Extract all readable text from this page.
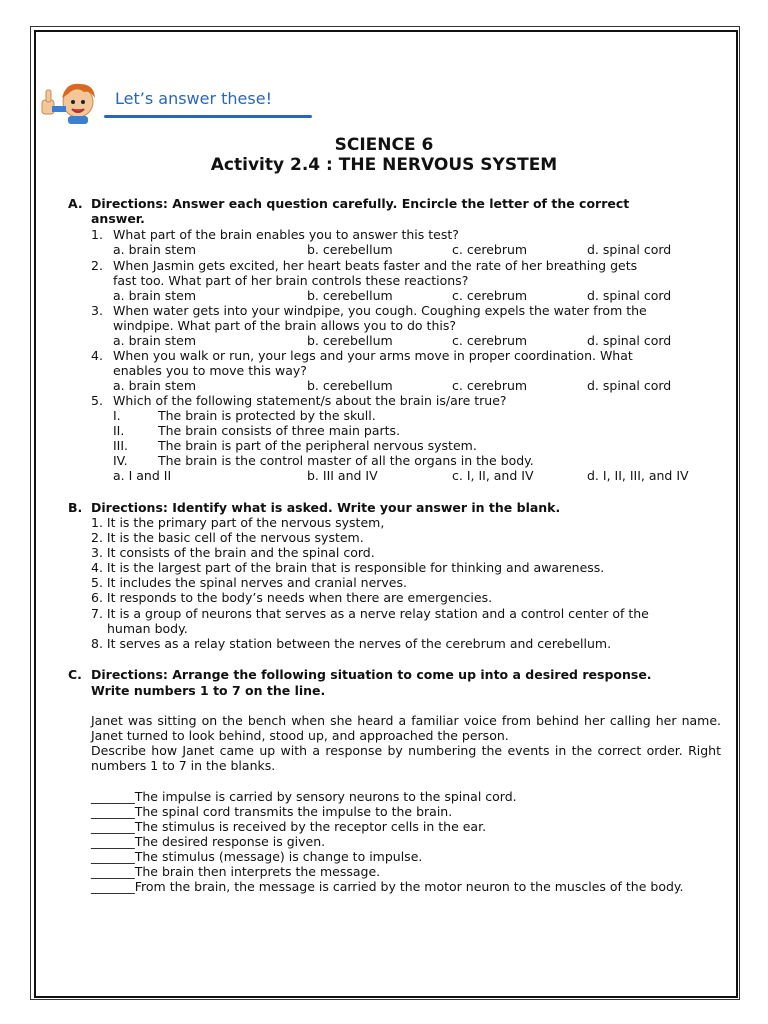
Let’s answer these!
SCIENCE 6
Activity 2.4 : THE NERVOUS SYSTEM
A. Directions: Answer each question carefully. Encircle the letter of the correct
answer.
1. What part of the brain enables you to answer this test?
a. brain stem	b. cerebellum	c. cerebrum	d. spinal cord
2. When Jasmin gets excited, her heart beats faster and the rate of her breathing gets
fast too. What part of her brain controls these reactions?
a. brain stem	b. cerebellum	c. cerebrum	d. spinal cord
3. When water gets into your windpipe, you cough. Coughing expels the water from the
windpipe. What part of the brain allows you to do this?
a. brain stem	b. cerebellum	c. cerebrum	d. spinal cord
4. When you walk or run, your legs and your arms move in proper coordination. What
enables you to move this way?
a. brain stem	b. cerebellum	c. cerebrum	d. spinal cord
5. Which of the following statement/s about the brain is/are true?
I.	The brain is protected by the skull.
II.	The brain consists of three main parts.
III. The brain is part of the peripheral nervous system.
IV. The brain is the control master of all the organs in the body.
a. I and II	b. III and IV	c. I, II, and IV	d. I, II, III, and IV
B. Directions: Identify what is asked. Write your answer in the blank.
1. It is the primary part of the nervous system,
2. It is the basic cell of the nervous system.
3. It consists of the brain and the spinal cord.
4. It is the largest part of the brain that is responsible for thinking and awareness.
5. It includes the spinal nerves and cranial nerves.
6. It responds to the body’s needs when there are emergencies.
7. It is a group of neurons that serves as a nerve relay station and a control center of the
human body.
8. It serves as a relay station between the nerves of the cerebrum and cerebellum.
C. Directions: Arrange the following situation to come up into a desired response.
Write numbers 1 to 7 on the line.
Janet was sitting on the bench when she heard a familiar voice from behind her calling her name. Janet turned to look behind, stood up, and approached the person.
Describe how Janet came up with a response by numbering the events in the correct order. Right numbers 1 to 7 in the blanks.
_______The impulse is carried by sensory neurons to the spinal cord.
_______The spinal cord transmits the impulse to the brain.
_______The stimulus is received by the receptor cells in the ear.
_______The desired response is given.
_______The stimulus (message) is change to impulse.
_______The brain then interprets the message.
_______From the brain, the message is carried by the motor neuron to the muscles of the body.
